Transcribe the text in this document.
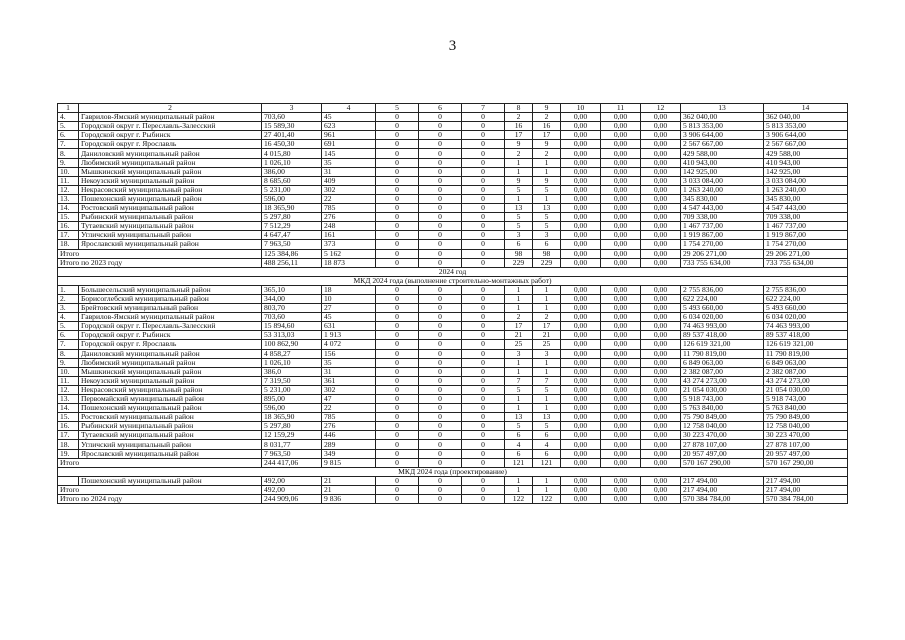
3
1	2	3	4	5	6	7	8	9	10	11	12	13	14
4.	Гаврилов-Ямский муниципальный район	703,60	45	0	0	0	2	2	0,00	0,00	0,00	362 040,00	362 040,00
5.	Городской округ г. Переславль-Залесский	15 589,30	623	0	0	0	16	16	0,00	0,00	0,00	5 813 353,00	5 813 353,00
6.	Городской округ г. Рыбинск	27 401,40	961	0	0	0	17	17	0,00	0,00	0,00	3 906 644,00	3 906 644,00
7.	Городской округ г. Ярославль	16 450,30	691	0	0	0	9	9	0,00	0,00	0,00	2 567 667,00	2 567 667,00
8.	Даниловский муниципальный район	4 015,80	145	0	0	0	2	2	0,00	0,00	0,00	429 588,00	429 588,00
9.	Любимский муниципальный район	1 026,10	35	0	0	0	1	1	0,00	0,00	0,00	410 943,00	410 943,00
10.	Мышкинский муниципальный район	386,00	31	0	0	0	1	1	0,00	0,00	0,00	142 925,00	142 925,00
11.	Некоузский муниципальный район	8 685,60	409	0	0	0	9	9	0,00	0,00	0,00	3 033 084,00	3 033 084,00
12.	Некрасовский муниципальный район	5 231,00	302	0	0	0	5	5	0,00	0,00	0,00	1 263 240,00	1 263 240,00
13.	Пошехонский муниципальный район	596,00	22	0	0	0	1	1	0,00	0,00	0,00	345 830,00	345 830,00
14.	Ростовский муниципальный район	18 365,90	785	0	0	0	13	13	0,00	0,00	0,00	4 547 443,00	4 547 443,00
15.	Рыбинский муниципальный район	5 297,80	276	0	0	0	5	5	0,00	0,00	0,00	709 338,00	709 338,00
16.	Тутаевский муниципальный район	7 512,29	248	0	0	0	5	5	0,00	0,00	0,00	1 467 737,00	1 467 737,00
17.	Угличский муниципальный район	4 647,47	161	0	0	0	3	3	0,00	0,00	0,00	1 919 867,00	1 919 867,00
18.	Ярославский муниципальный район	7 963,50	373	0	0	0	6	6	0,00	0,00	0,00	1 754 270,00	1 754 270,00
Итого		125 384,86	5 162	0	0	0	98	98	0,00	0,00	0,00	29 206 271,00	29 206 271,00
Итого по 2023 году		488 256,11	18 873	0	0	0	229	229	0,00	0,00	0,00	733 755 634,00	733 755 634,00
2024 год													
МКД 2024 года (выполнение строительно-монтажных работ)													
1.	Большесельский муниципальный район	365,10	18	0	0	0	1	1	0,00	0,00	0,00	2 755 836,00	2 755 836,00
2.	Борисоглебский муниципальный район	344,00	10	0	0	0	1	1	0,00	0,00	0,00	622 224,00	622 224,00
3.	Брейтовский муниципальный район	803,70	27	0	0	0	1	1	0,00	0,00	0,00	5 493 660,00	5 493 660,00
4.	Гаврилов-Ямский муниципальный район	703,60	45	0	0	0	2	2	0,00	0,00	0,00	6 034 020,00	6 034 020,00
5.	Городской округ г. Переславль-Залесский	15 894,60	631	0	0	0	17	17	0,00	0,00	0,00	74 463 993,00	74 463 993,00
6.	Городской округ г. Рыбинск	53 313,03	1 913	0	0	0	21	21	0,00	0,00	0,00	89 537 418,00	89 537 418,00
7.	Городской округ г. Ярославль	100 862,90	4 072	0	0	0	25	25	0,00	0,00	0,00	126 619 321,00	126 619 321,00
8.	Даниловский муниципальный район	4 858,27	156	0	0	0	3	3	0,00	0,00	0,00	11 790 819,00	11 790 819,00
9.	Любимский муниципальный район	1 026,10	35	0	0	0	1	1	0,00	0,00	0,00	6 849 063,00	6 849 063,00
10.	Мышкинский муниципальный район	386,0	31	0	0	0	1	1	0,00	0,00	0,00	2 382 087,00	2 382 087,00
11.	Некоузский муниципальный район	7 319,50	361	0	0	0	7	7	0,00	0,00	0,00	43 274 273,00	43 274 273,00
12.	Некрасовский муниципальный район	5 231,00	302	0	0	0	5	5	0,00	0,00	0,00	21 054 030,00	21 054 030,00
13.	Первомайский муниципальный район	895,00	47	0	0	0	1	1	0,00	0,00	0,00	5 918 743,00	5 918 743,00
14.	Пошехонский муниципальный район	596,00	22	0	0	0	1	1	0,00	0,00	0,00	5 763 840,00	5 763 840,00
15.	Ростовский муниципальный район	18 365,90	785	0	0	0	13	13	0,00	0,00	0,00	75 790 849,00	75 790 849,00
16.	Рыбинский муниципальный район	5 297,80	276	0	0	0	5	5	0,00	0,00	0,00	12 758 040,00	12 758 040,00
17.	Тутаевский муниципальный район	12 159,29	446	0	0	0	6	6	0,00	0,00	0,00	30 223 470,00	30 223 470,00
18.	Угличский муниципальный район	8 031,77	289	0	0	0	4	4	0,00	0,00	0,00	27 878 107,00	27 878 107,00
19.	Ярославский муниципальный район	7 963,50	349	0	0	0	6	6	0,00	0,00	0,00	20 957 497,00	20 957 497,00
Итого		244 417,06	9 815	0	0	0	121	121	0,00	0,00	0,00	570 167 290,00	570 167 290,00
МКД 2024 года (проектирование)													
	Пошехонский муниципальный район	492,00	21	0	0	0	1	1	0,00	0,00	0,00	217 494,00	217 494,00
Итого		492,00	21	0	0	0	1	1	0,00	0,00	0,00	217 494,00	217 494,00
Итого по 2024 году		244 909,06	9 836	0	0	0	122	122	0,00	0,00	0,00	570 384 784,00	570 384 784,00
